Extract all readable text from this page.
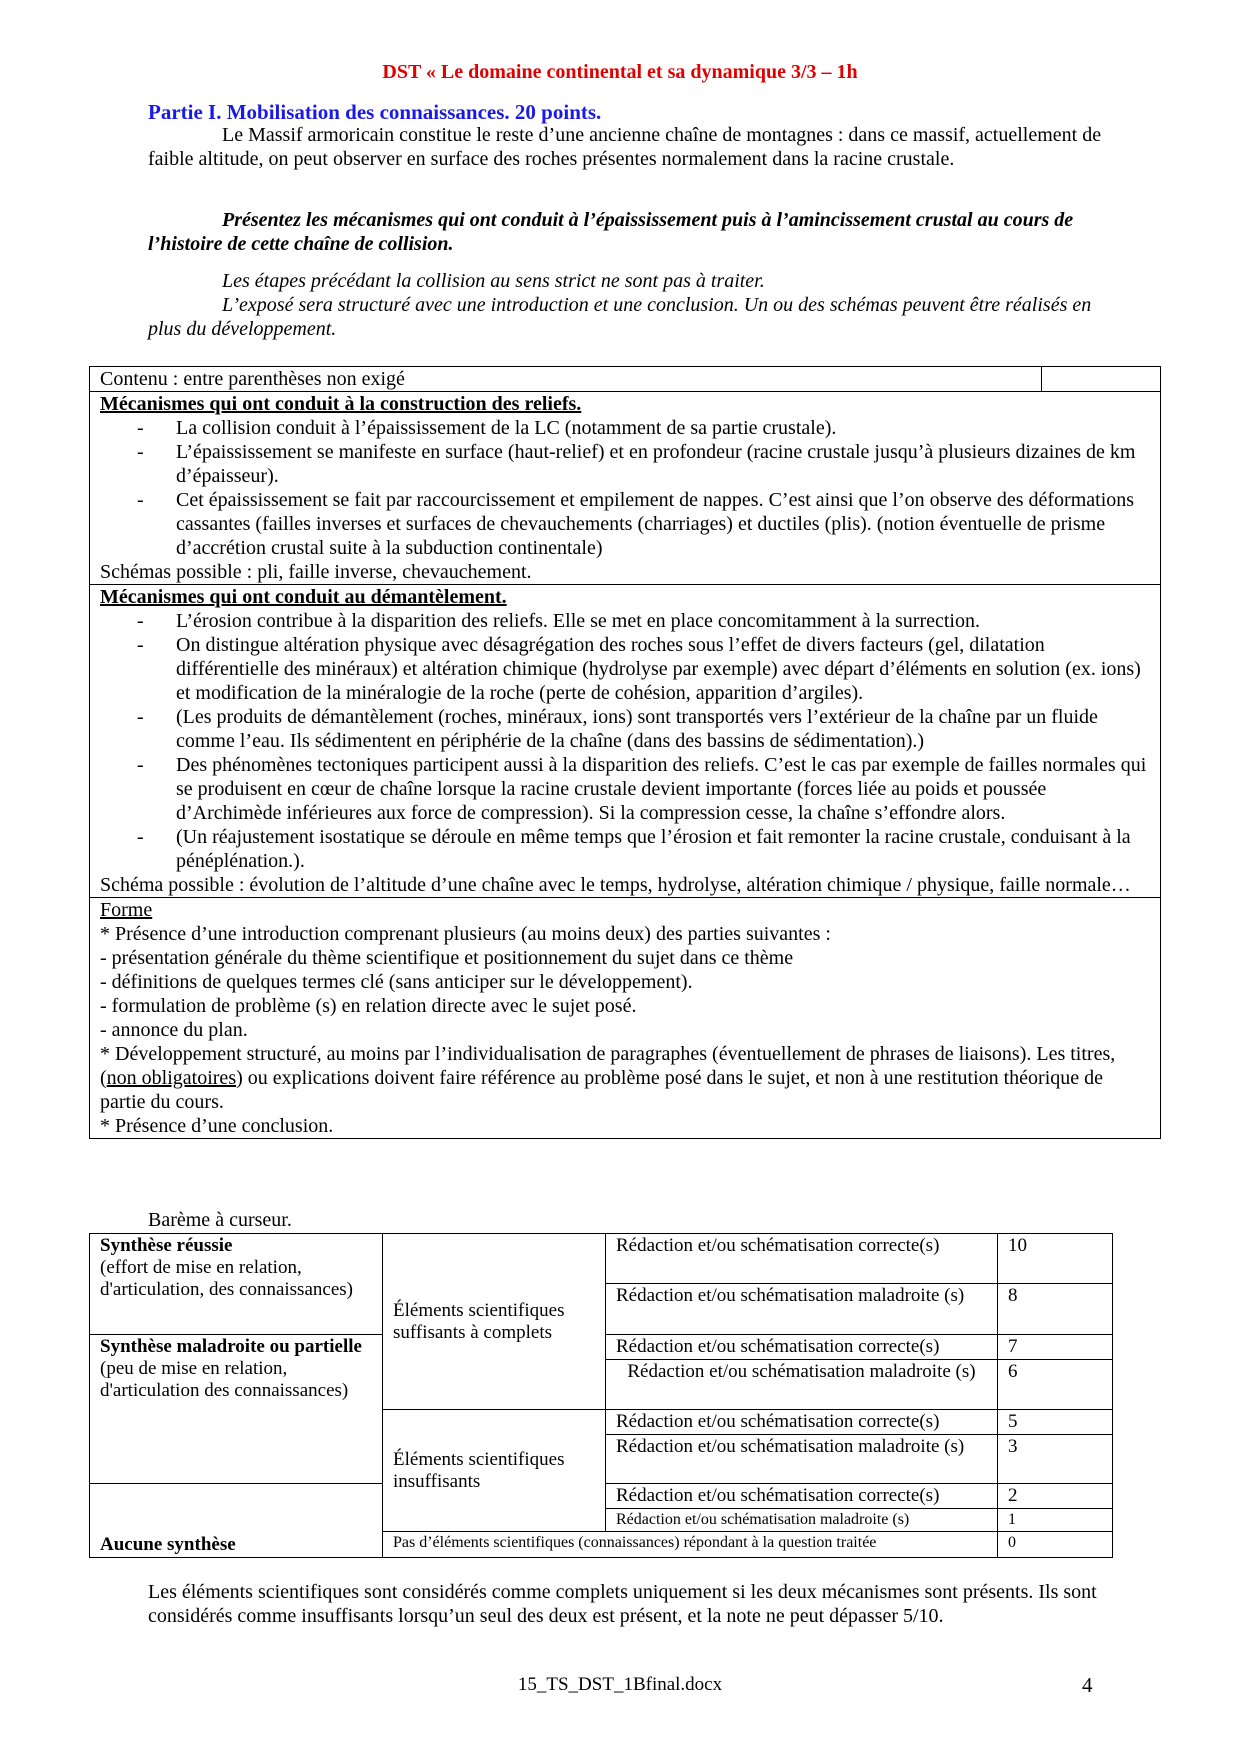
DST « Le domaine continental et sa dynamique 3/3 – 1h
Partie I. Mobilisation des connaissances. 20 points.
Le Massif armoricain constitue le reste d’une ancienne chaîne de montagnes : dans ce massif, actuellement de faible altitude, on peut observer en surface des roches présentes normalement dans la racine crustale.
Présentez les mécanismes qui ont conduit à l’épaississement puis à l’amincissement crustal au cours de l’histoire de cette chaîne de collision.
Les étapes précédant la collision au sens strict ne sont pas à traiter.
L’exposé sera structuré avec une introduction et une conclusion. Un ou des schémas peuvent être réalisés en plus du développement.
Contenu : entre parenthèses non exigé
Mécanismes qui ont conduit à la construction des reliefs.
- La collision conduit à l’épaississement de la LC (notamment de sa partie crustale).
- L’épaississement se manifeste en surface (haut-relief) et en profondeur (racine crustale jusqu’à plusieurs dizaines de km d’épaisseur).
- Cet épaississement se fait par raccourcissement et empilement de nappes. C’est ainsi que l’on observe des déformations cassantes (failles inverses et surfaces de chevauchements (charriages) et ductiles (plis). (notion éventuelle de prisme d’accrétion crustal suite à la subduction continentale)
Schémas possible : pli, faille inverse, chevauchement.
Mécanismes qui ont conduit au démantèlement.
- L’érosion contribue à la disparition des reliefs. Elle se met en place concomitamment à la surrection.
- On distingue altération physique avec désagrégation des roches sous l’effet de divers facteurs (gel, dilatation différentielle des minéraux) et altération chimique (hydrolyse par exemple) avec départ d’éléments en solution (ex. ions) et modification de la minéralogie de la roche (perte de cohésion, apparition d’argiles).
- (Les produits de démantèlement (roches, minéraux, ions) sont transportés vers l’extérieur de la chaîne par un fluide comme l’eau. Ils sédimentent en périphérie de la chaîne (dans des bassins de sédimentation).)
- Des phénomènes tectoniques participent aussi à la disparition des reliefs. C’est le cas par exemple de failles normales qui se produisent en cœur de chaîne lorsque la racine crustale devient importante (forces liée au poids et poussée d’Archimède inférieures aux force de compression). Si la compression cesse, la chaîne s’effondre alors.
- (Un réajustement isostatique se déroule en même temps que l’érosion et fait remonter la racine crustale, conduisant à la pénéplénation.).
Schéma possible : évolution de l’altitude d’une chaîne avec le temps, hydrolyse, altération chimique / physique, faille normale…
Forme
* Présence d’une introduction comprenant plusieurs (au moins deux) des parties suivantes :
- présentation générale du thème scientifique et positionnement du sujet dans ce thème
- définitions de quelques termes clé (sans anticiper sur le développement).
- formulation de problème (s) en relation directe avec le sujet posé.
- annonce du plan.
* Développement structuré, au moins par l’individualisation de paragraphes (éventuellement de phrases de liaisons). Les titres, (non obligatoires) ou explications doivent faire référence au problème posé dans le sujet, et non à une restitution théorique de partie du cours.
* Présence d’une conclusion.
Barème à curseur.
Synthèse réussie
(effort de mise en relation, d'articulation, des connaissances)	Éléments scientifiques suffisants à complets	Rédaction et/ou schématisation correcte(s)	10
		Rédaction et/ou schématisation maladroite (s)	8
Synthèse maladroite ou partielle
(peu de mise en relation, d'articulation des connaissances)		Rédaction et/ou schématisation correcte(s)	7
		Rédaction et/ou schématisation maladroite (s)	6
	Éléments scientifiques insuffisants	Rédaction et/ou schématisation correcte(s)	5
		Rédaction et/ou schématisation maladroite (s)	3
Aucune synthèse		Rédaction et/ou schématisation correcte(s)	2
		Rédaction et/ou schématisation maladroite (s)	1
	Pas d’éléments scientifiques (connaissances) répondant à la question traitée		0
Les éléments scientifiques sont considérés comme complets uniquement si les deux mécanismes sont présents. Ils sont considérés comme insuffisants lorsqu’un seul des deux est présent, et la note ne peut dépasser 5/10.
15_TS_DST_1Bfinal.docx	4
